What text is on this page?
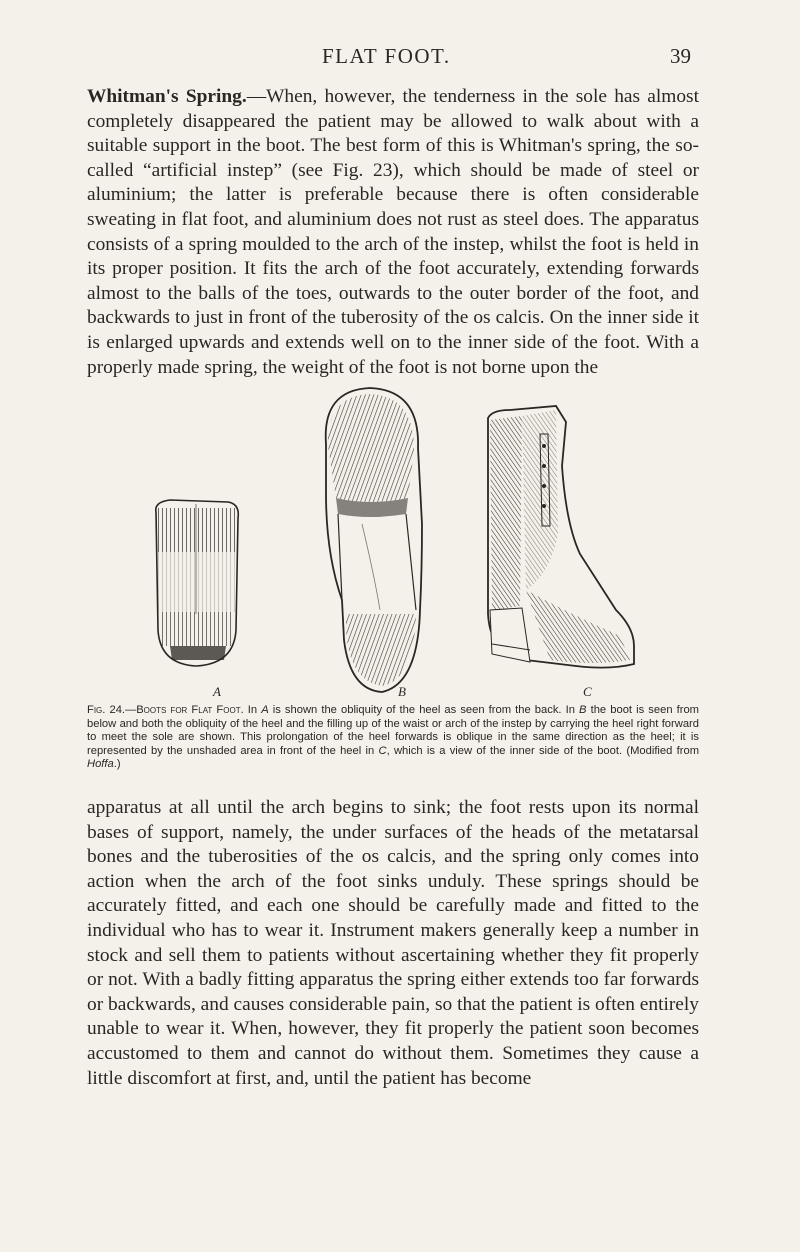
FLAT FOOT.	39

Whitman's Spring.—When, however, the tenderness in the sole has almost completely disappeared the patient may be allowed to walk about with a suitable support in the boot. The best form of this is Whitman's spring, the so-called “artificial instep” (see Fig. 23), which should be made of steel or aluminium; the latter is preferable because there is often considerable sweating in flat foot, and aluminium does not rust as steel does. The apparatus consists of a spring moulded to the arch of the instep, whilst the foot is held in its proper position. It fits the arch of the foot accurately, extending forwards almost to the balls of the toes, outwards to the outer border of the foot, and backwards to just in front of the tuberosity of the os calcis. On the inner side it is enlarged upwards and extends well on to the inner side of the foot. With a properly made spring, the weight of the foot is not borne upon the

A	B	C

Fig. 24.—Boots for Flat Foot. In A is shown the obliquity of the heel as seen from the back. In B the boot is seen from below and both the obliquity of the heel and the filling up of the waist or arch of the instep by carrying the heel right forward to meet the sole are shown. This prolongation of the heel forwards is oblique in the same direction as the heel; it is represented by the unshaded area in front of the heel in C, which is a view of the inner side of the boot. (Modified from Hoffa.)

apparatus at all until the arch begins to sink; the foot rests upon its normal bases of support, namely, the under surfaces of the heads of the metatarsal bones and the tuberosities of the os calcis, and the spring only comes into action when the arch of the foot sinks unduly. These springs should be accurately fitted, and each one should be carefully made and fitted to the individual who has to wear it. Instrument makers generally keep a number in stock and sell them to patients without ascertaining whether they fit properly or not. With a badly fitting apparatus the spring either extends too far forwards or backwards, and causes considerable pain, so that the patient is often entirely unable to wear it. When, however, they fit properly the patient soon becomes accustomed to them and cannot do without them. Sometimes they cause a little discomfort at first, and, until the patient has become
